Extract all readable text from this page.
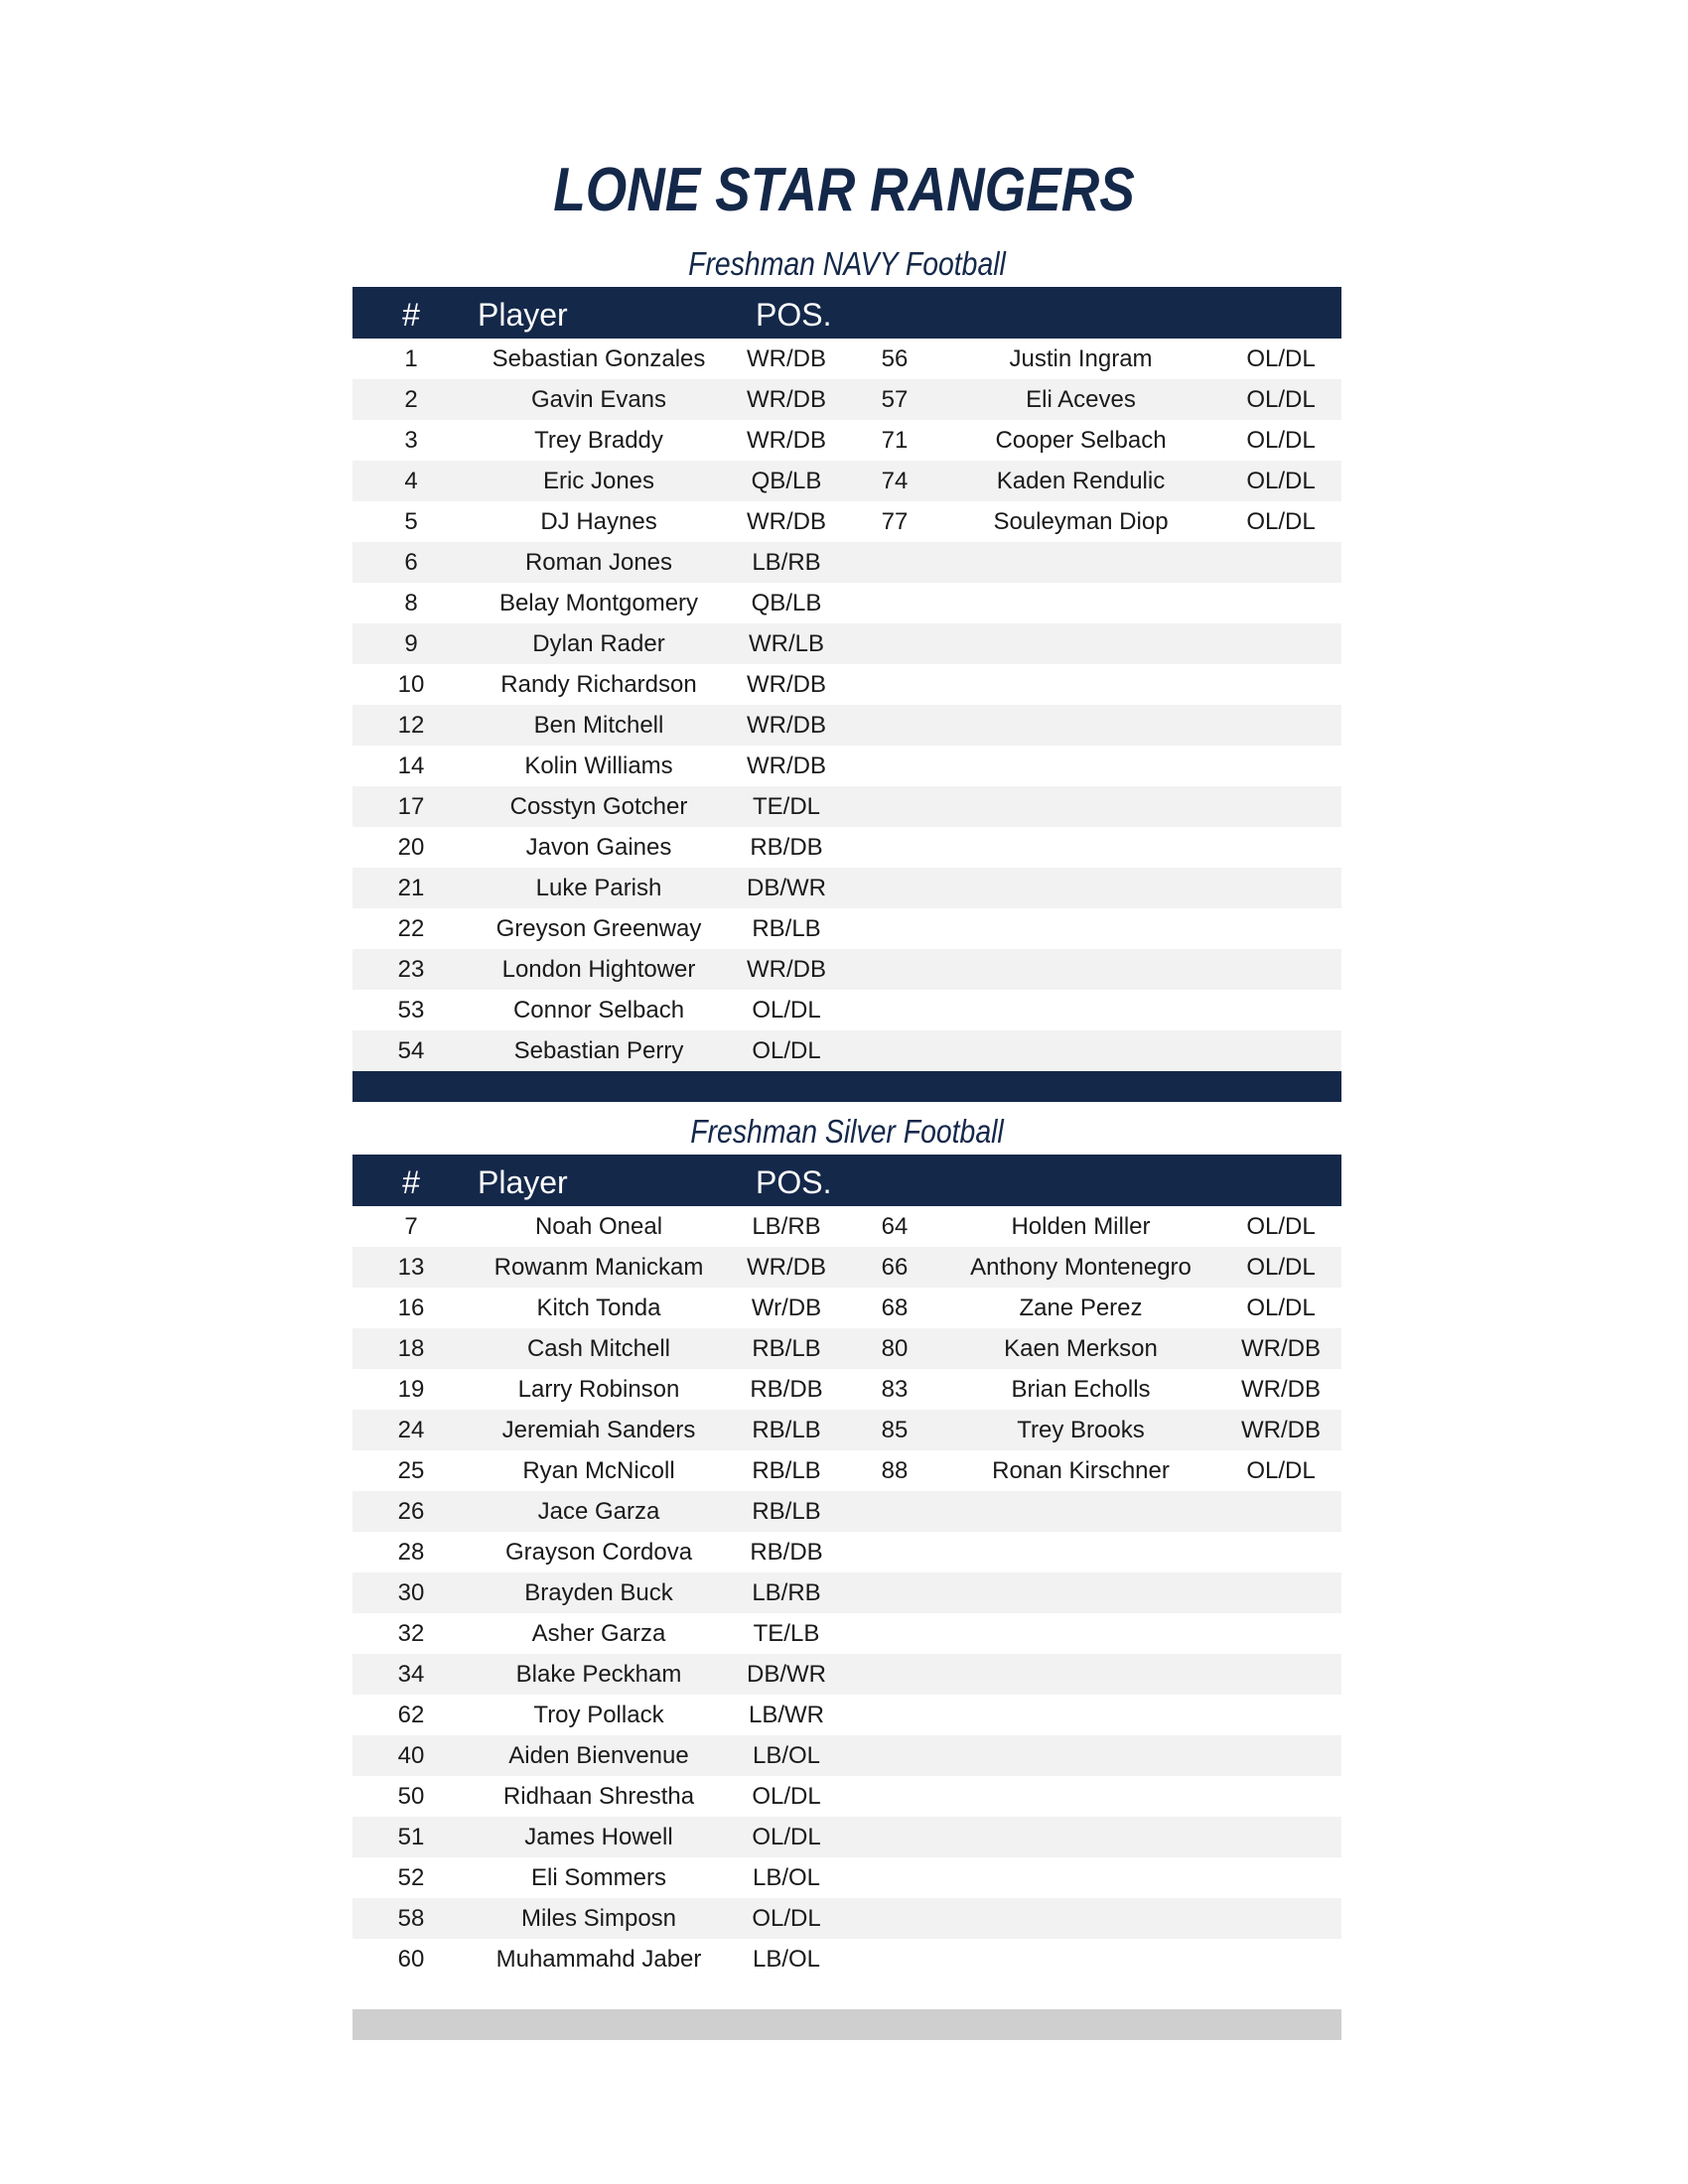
LONE STAR RANGERS
Freshman NAVY Football
#	Player	POS.
1	Sebastian Gonzales	WR/DB	56	Justin Ingram	OL/DL
2	Gavin Evans	WR/DB	57	Eli Aceves	OL/DL
3	Trey Braddy	WR/DB	71	Cooper Selbach	OL/DL
4	Eric Jones	QB/LB	74	Kaden Rendulic	OL/DL
5	DJ Haynes	WR/DB	77	Souleyman Diop	OL/DL
6	Roman Jones	LB/RB
8	Belay Montgomery	QB/LB
9	Dylan Rader	WR/LB
10	Randy Richardson	WR/DB
12	Ben Mitchell	WR/DB
14	Kolin Williams	WR/DB
17	Cosstyn Gotcher	TE/DL
20	Javon Gaines	RB/DB
21	Luke Parish	DB/WR
22	Greyson Greenway	RB/LB
23	London Hightower	WR/DB
53	Connor Selbach	OL/DL
54	Sebastian Perry	OL/DL
Freshman Silver Football
#	Player	POS.
7	Noah Oneal	LB/RB	64	Holden Miller	OL/DL
13	Rowanm Manickam	WR/DB	66	Anthony Montenegro	OL/DL
16	Kitch Tonda	Wr/DB	68	Zane Perez	OL/DL
18	Cash Mitchell	RB/LB	80	Kaen Merkson	WR/DB
19	Larry Robinson	RB/DB	83	Brian Echolls	WR/DB
24	Jeremiah Sanders	RB/LB	85	Trey Brooks	WR/DB
25	Ryan McNicoll	RB/LB	88	Ronan Kirschner	OL/DL
26	Jace Garza	RB/LB
28	Grayson Cordova	RB/DB
30	Brayden Buck	LB/RB
32	Asher Garza	TE/LB
34	Blake Peckham	DB/WR
62	Troy Pollack	LB/WR
40	Aiden Bienvenue	LB/OL
50	Ridhaan Shrestha	OL/DL
51	James Howell	OL/DL
52	Eli Sommers	LB/OL
58	Miles Simposn	OL/DL
60	Muhammahd Jaber	LB/OL
